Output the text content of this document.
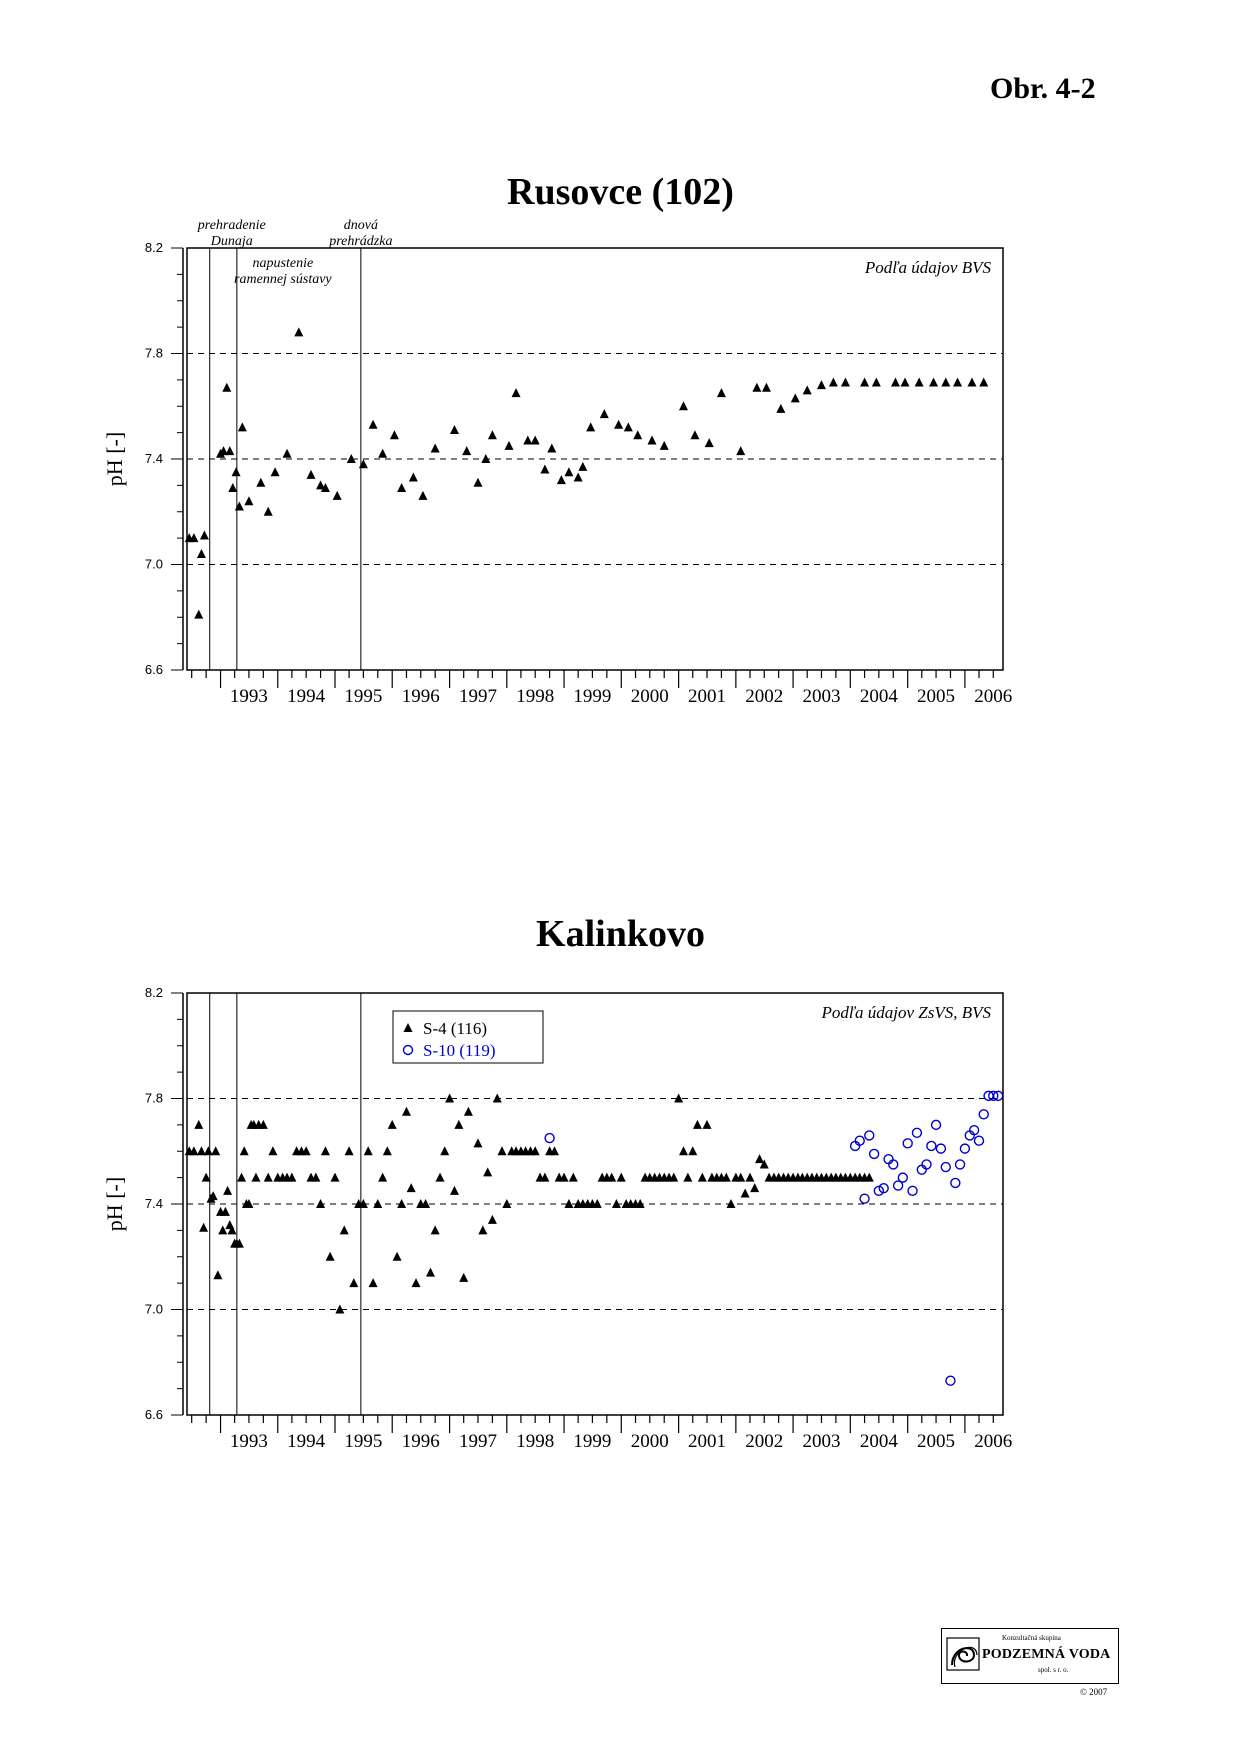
Obr. 4-2
Rusovce (102)
6.6
7.0
7.4
7.8
8.2
pH [-]
1993 1994 1995 1996 1997 1998 1999 2000 2001 2002 2003 2004 2005 2006
prehradenie
Dunaja
napustenie
ramennej sústavy
dnová
prehrádzka
Podľa údajov BVS
Kalinkovo
6.6
7.0
7.4
7.8
8.2
pH [-]
1993 1994 1995 1996 1997 1998 1999 2000 2001 2002 2003 2004 2005 2006
Podľa údajov ZsVS, BVS
S-4 (116)
S-10 (119)
Konzultačná skupina
PODZEMNÁ VODA
spol. s r. o.
© 2007
